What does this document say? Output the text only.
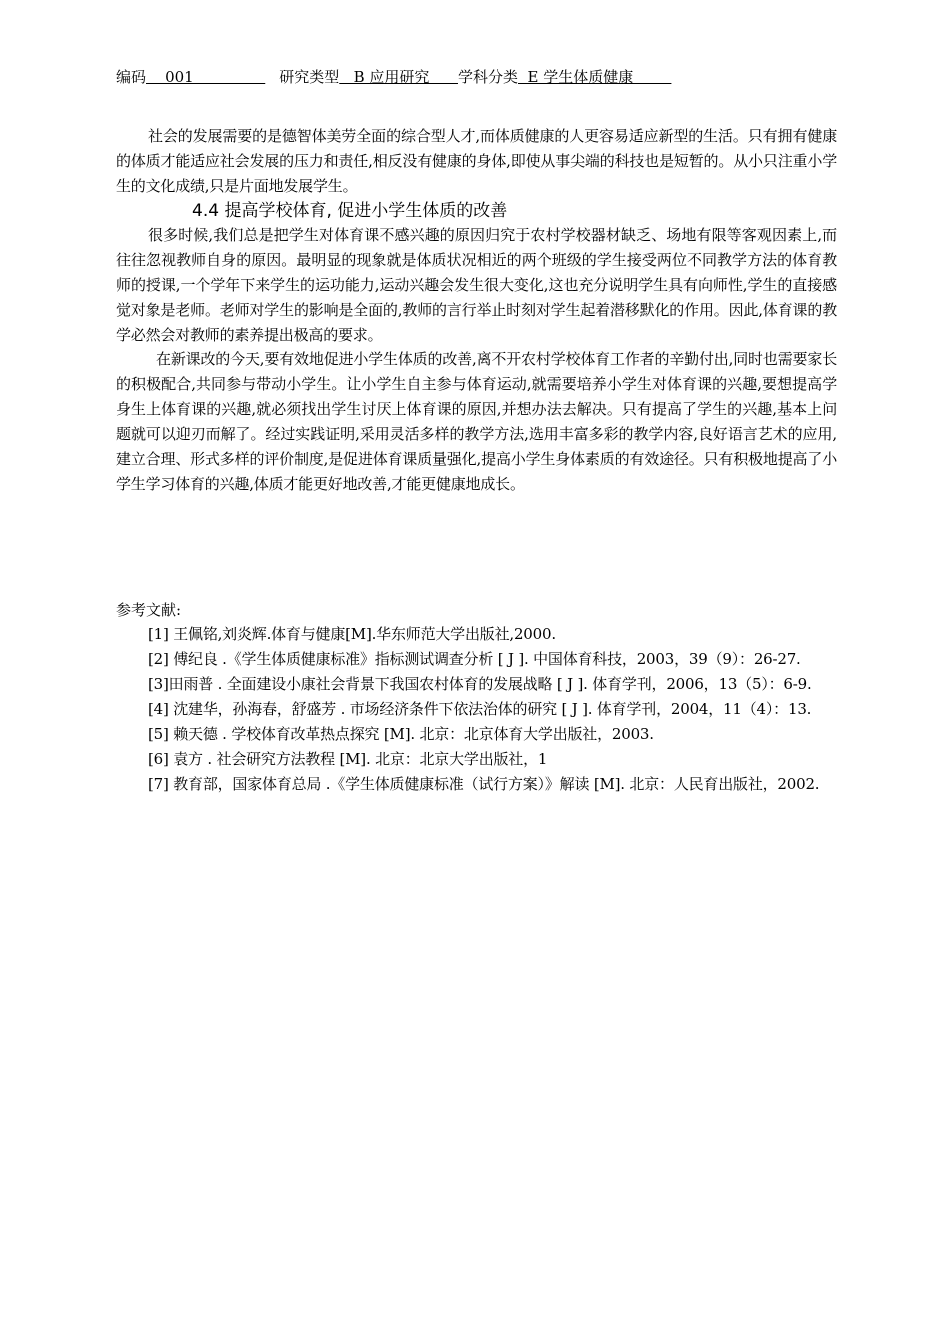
编码    001               研究类型   B 应用研究      学科分类  E 学生体质健康

社会的发展需要的是德智体美劳全面的综合型人才,而体质健康的人更容易适应新型的生活。只有拥有健康的体质才能适应社会发展的压力和责任,相反没有健康的身体,即使从事尖端的科技也是短暂的。从小只注重小学生的文化成绩,只是片面地发展学生。

4.4 提高学校体育, 促进小学生体质的改善

很多时候,我们总是把学生对体育课不感兴趣的原因归究于农村学校器材缺乏、场地有限等客观因素上,而往往忽视教师自身的原因。最明显的现象就是体质状况相近的两个班级的学生接受两位不同教学方法的体育教师的授课,一个学年下来学生的运功能力,运动兴趣会发生很大变化,这也充分说明学生具有向师性,学生的直接感觉对象是老师。老师对学生的影响是全面的,教师的言行举止时刻对学生起着潜移默化的作用。因此,体育课的教学必然会对教师的素养提出极高的要求。

在新课改的今天,要有效地促进小学生体质的改善,离不开农村学校体育工作者的辛勤付出,同时也需要家长的积极配合,共同参与带动小学生。让小学生自主参与体育运动,就需要培养小学生对体育课的兴趣,要想提高学身生上体育课的兴趣,就必须找出学生讨厌上体育课的原因,并想办法去解决。只有提高了学生的兴趣,基本上问题就可以迎刃而解了。经过实践证明,采用灵活多样的教学方法,选用丰富多彩的教学内容,良好语言艺术的应用,建立合理、形式多样的评价制度,是促进体育课质量强化,提高小学生身体素质的有效途径。只有积极地提高了小学生学习体育的兴趣,体质才能更好地改善,才能更健康地成长。

参考文献:

[1] 王佩铭,刘炎辉.体育与健康[M].华东师范大学出版社,2000.

[2] 傅纪良 .《学生体质健康标准》指标测试调查分析 [ J ]. 中国体育科技，2003，39（9）：26-27.

[3]田雨普 . 全面建设小康社会背景下我国农村体育的发展战略 [ J ]. 体育学刊，2006，13（5）：6-9.

[4] 沈建华，孙海春，舒盛芳 . 市场经济条件下依法治体的研究 [ J ]. 体育学刊，2004，11（4）：13.

[5] 赖天德 . 学校体育改革热点探究 [M]. 北京：北京体育大学出版社，2003.

[6] 袁方 . 社会研究方法教程 [M]. 北京：北京大学出版社，1

[7] 教育部，国家体育总局 .《学生体质健康标准（试行方案）》解读 [M]. 北京：人民育出版社，2002.
